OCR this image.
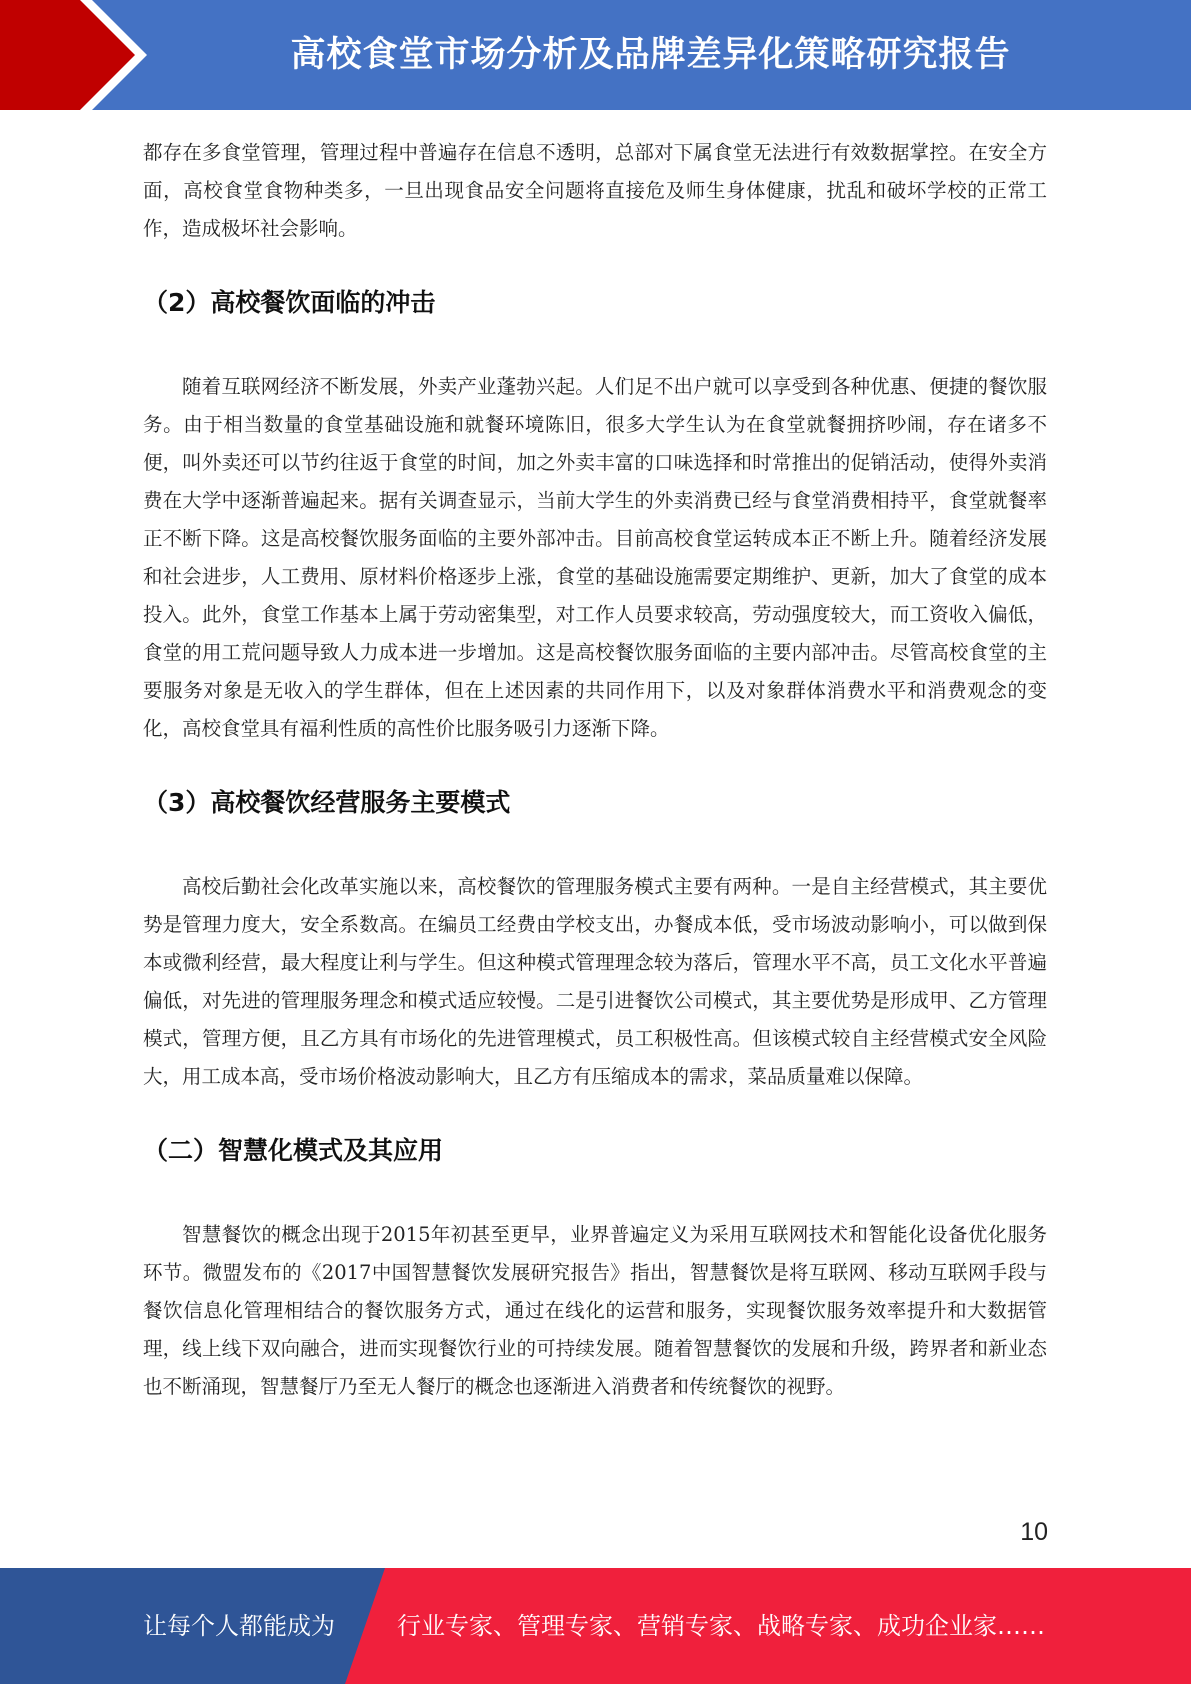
高校食堂市场分析及品牌差异化策略研究报告

都存在多食堂管理，管理过程中普遍存在信息不透明，总部对下属食堂无法进行有效数据掌控。在安全方面，高校食堂食物种类多，一旦出现食品安全问题将直接危及师生身体健康，扰乱和破坏学校的正常工作，造成极坏社会影响。

（2）高校餐饮面临的冲击

随着互联网经济不断发展，外卖产业蓬勃兴起。人们足不出户就可以享受到各种优惠、便捷的餐饮服务。由于相当数量的食堂基础设施和就餐环境陈旧，很多大学生认为在食堂就餐拥挤吵闹，存在诸多不便，叫外卖还可以节约往返于食堂的时间，加之外卖丰富的口味选择和时常推出的促销活动，使得外卖消费在大学中逐渐普遍起来。据有关调查显示，当前大学生的外卖消费已经与食堂消费相持平，食堂就餐率正不断下降。这是高校餐饮服务面临的主要外部冲击。目前高校食堂运转成本正不断上升。随着经济发展和社会进步，人工费用、原材料价格逐步上涨，食堂的基础设施需要定期维护、更新，加大了食堂的成本投入。此外，食堂工作基本上属于劳动密集型，对工作人员要求较高，劳动强度较大，而工资收入偏低，食堂的用工荒问题导致人力成本进一步增加。这是高校餐饮服务面临的主要内部冲击。尽管高校食堂的主要服务对象是无收入的学生群体，但在上述因素的共同作用下，以及对象群体消费水平和消费观念的变化，高校食堂具有福利性质的高性价比服务吸引力逐渐下降。

（3）高校餐饮经营服务主要模式

高校后勤社会化改革实施以来，高校餐饮的管理服务模式主要有两种。一是自主经营模式，其主要优势是管理力度大，安全系数高。在编员工经费由学校支出，办餐成本低，受市场波动影响小，可以做到保本或微利经营，最大程度让利与学生。但这种模式管理理念较为落后，管理水平不高，员工文化水平普遍偏低，对先进的管理服务理念和模式适应较慢。二是引进餐饮公司模式，其主要优势是形成甲、乙方管理模式，管理方便，且乙方具有市场化的先进管理模式，员工积极性高。但该模式较自主经营模式安全风险大，用工成本高，受市场价格波动影响大，且乙方有压缩成本的需求，菜品质量难以保障。

（二）智慧化模式及其应用

智慧餐饮的概念出现于2015年初甚至更早，业界普遍定义为采用互联网技术和智能化设备优化服务环节。微盟发布的《2017中国智慧餐饮发展研究报告》指出，智慧餐饮是将互联网、移动互联网手段与餐饮信息化管理相结合的餐饮服务方式，通过在线化的运营和服务，实现餐饮服务效率提升和大数据管理，线上线下双向融合，进而实现餐饮行业的可持续发展。随着智慧餐饮的发展和升级，跨界者和新业态也不断涌现，智慧餐厅乃至无人餐厅的概念也逐渐进入消费者和传统餐饮的视野。

10
让每个人都能成为	行业专家、管理专家、营销专家、战略专家、成功企业家……
